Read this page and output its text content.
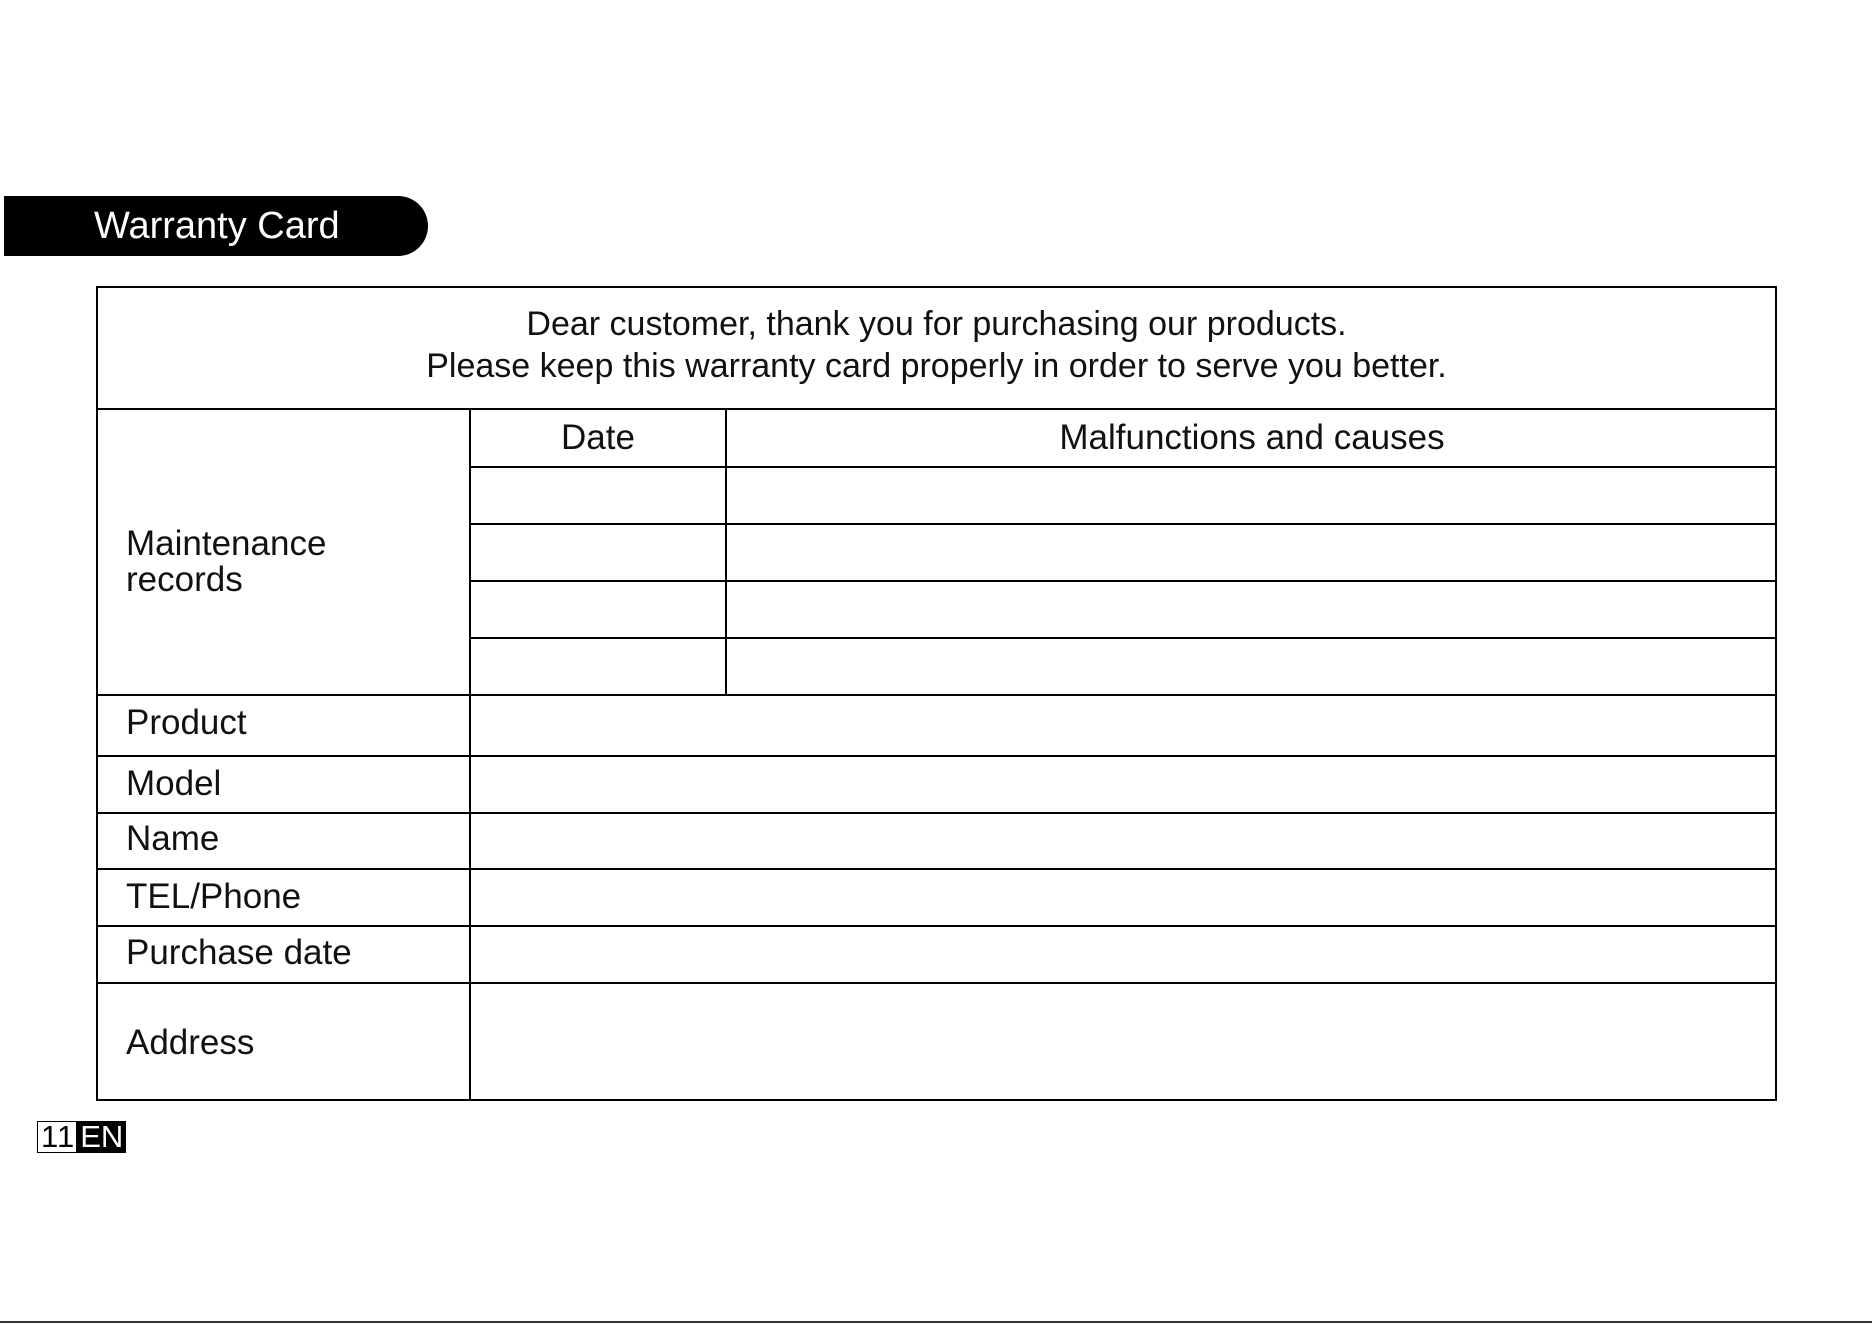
Warranty Card
Dear customer, thank you for purchasing our products.
Please keep this warranty card properly in order to serve you better.
Maintenance
records
Date	Malfunctions and causes
Product
Model
Name
TEL/Phone
Purchase date
Address
11 EN
